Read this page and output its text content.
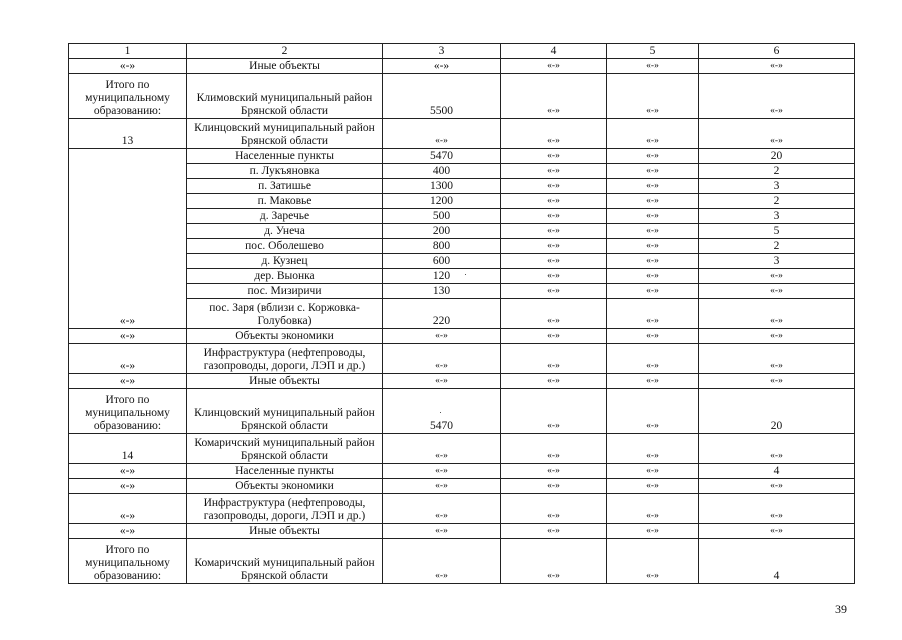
1	2	3	4	5	6
«-»	Иные объекты	«-»	«-»	«-»	«-»
Итого по муниципальному образованию:	Климовский муниципальный район Брянской области	5500	«-»	«-»	«-»
13	Клинцовский муниципальный район Брянской области	«-»	«-»	«-»	«-»
«-»	Населенные пункты	5470	«-»	«-»	20
	п. Лукъяновка	400	«-»	«-»	2
	п. Затишье	1300	«-»	«-»	3
	п. Маковье	1200	«-»	«-»	2
	д. Заречье	500	«-»	«-»	3
	д. Унеча	200	«-»	«-»	5
	пос. Оболешево	800	«-»	«-»	2
	д. Кузнец	600	«-»	«-»	3
	дер. Выонка	120	«-»	«-»	«-»
	пос. Мизиричи	130	«-»	«-»	«-»
	пос. Заря (вблизи с. Коржовка-Голубовка)	220	«-»	«-»	«-»
«-»	Объекты экономики	«-»	«-»	«-»	«-»
«-»	Инфраструктура (нефтепроводы, газопроводы, дороги, ЛЭП и др.)	«-»	«-»	«-»	«-»
«-»	Иные объекты	«-»	«-»	«-»	«-»
Итого по муниципальному образованию:	Клинцовский муниципальный район Брянской области	5470	«-»	«-»	20
14	Комаричский муниципальный район Брянской области	«-»	«-»	«-»	«-»
«-»	Населенные пункты	«-»	«-»	«-»	4
«-»	Объекты экономики	«-»	«-»	«-»	«-»
«-»	Инфраструктура (нефтепроводы, газопроводы, дороги, ЛЭП и др.)	«-»	«-»	«-»	«-»
«-»	Иные объекты	«-»	«-»	«-»	«-»
Итого по муниципальному образованию:	Комаричский муниципальный район Брянской области	«-»	«-»	«-»	4
39
